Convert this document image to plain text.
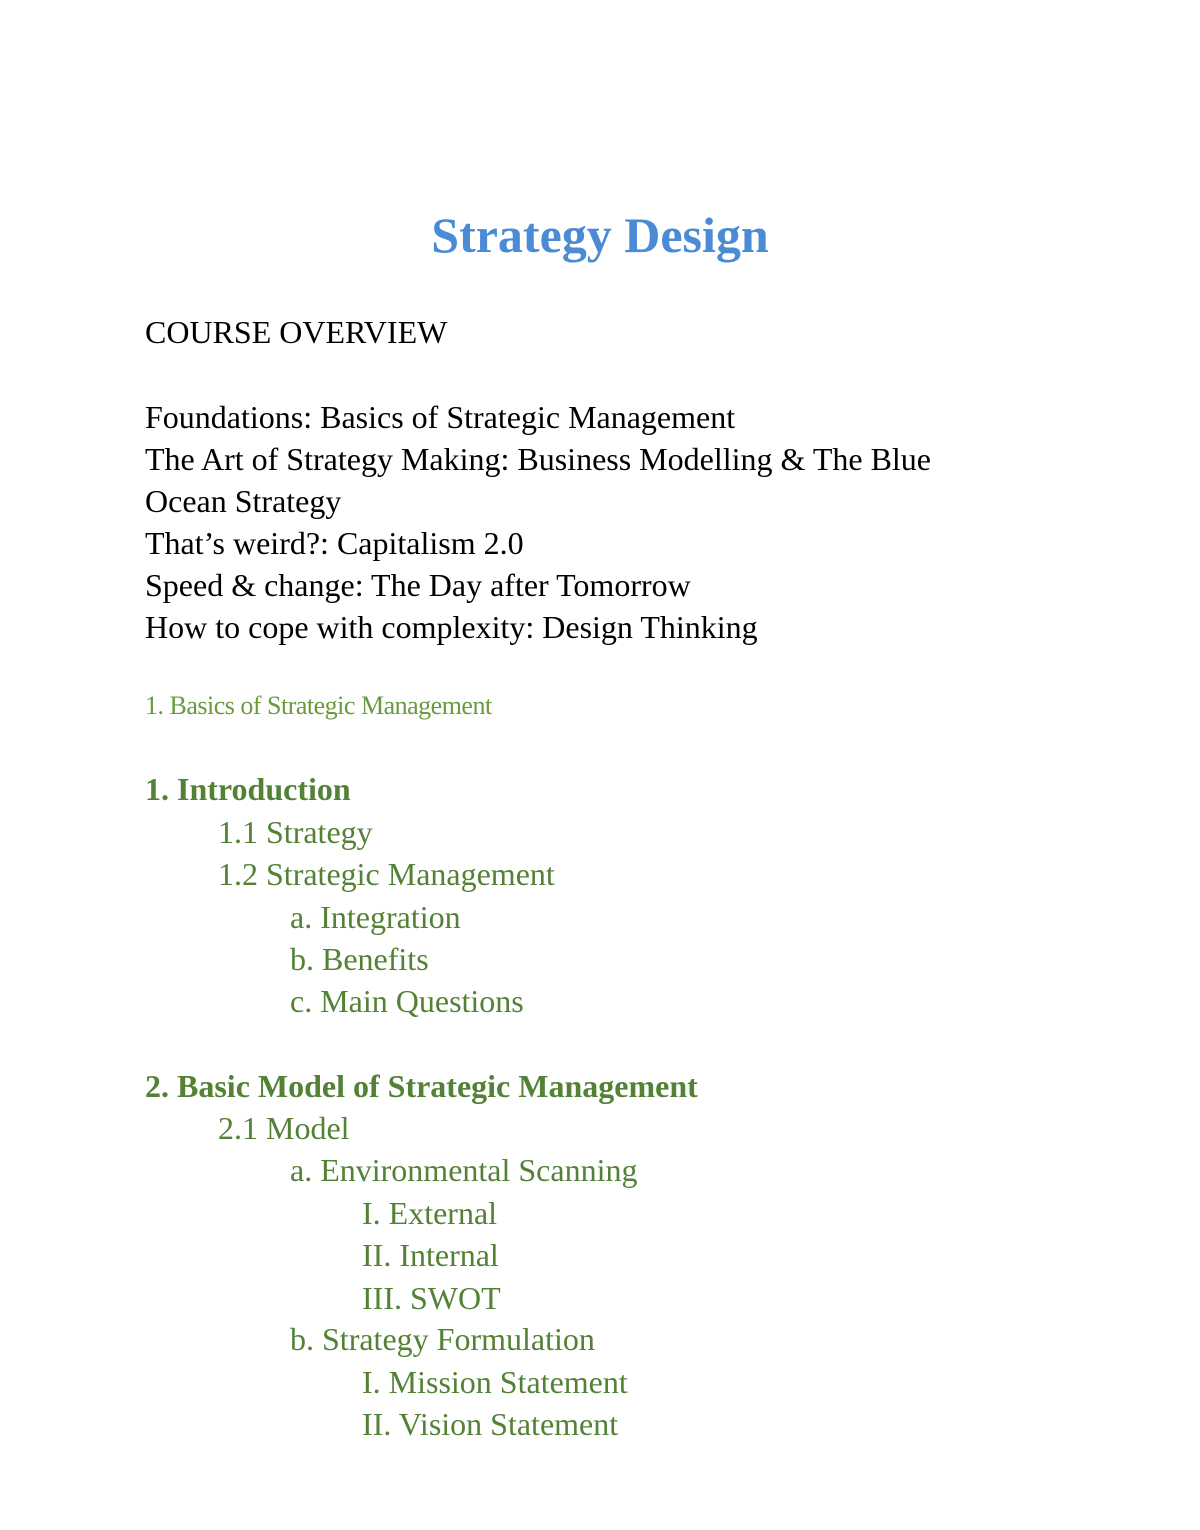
Strategy Design
COURSE OVERVIEW
Foundations: Basics of Strategic Management
The Art of Strategy Making: Business Modelling & The Blue
Ocean Strategy
That’s weird?: Capitalism 2.0
Speed & change: The Day after Tomorrow
How to cope with complexity: Design Thinking
1. Basics of Strategic Management
1. Introduction
1.1 Strategy
1.2 Strategic Management
a. Integration
b. Benefits
c. Main Questions
2. Basic Model of Strategic Management
2.1 Model
a. Environmental Scanning
I. External
II. Internal
III. SWOT
b. Strategy Formulation
I. Mission Statement
II. Vision Statement
